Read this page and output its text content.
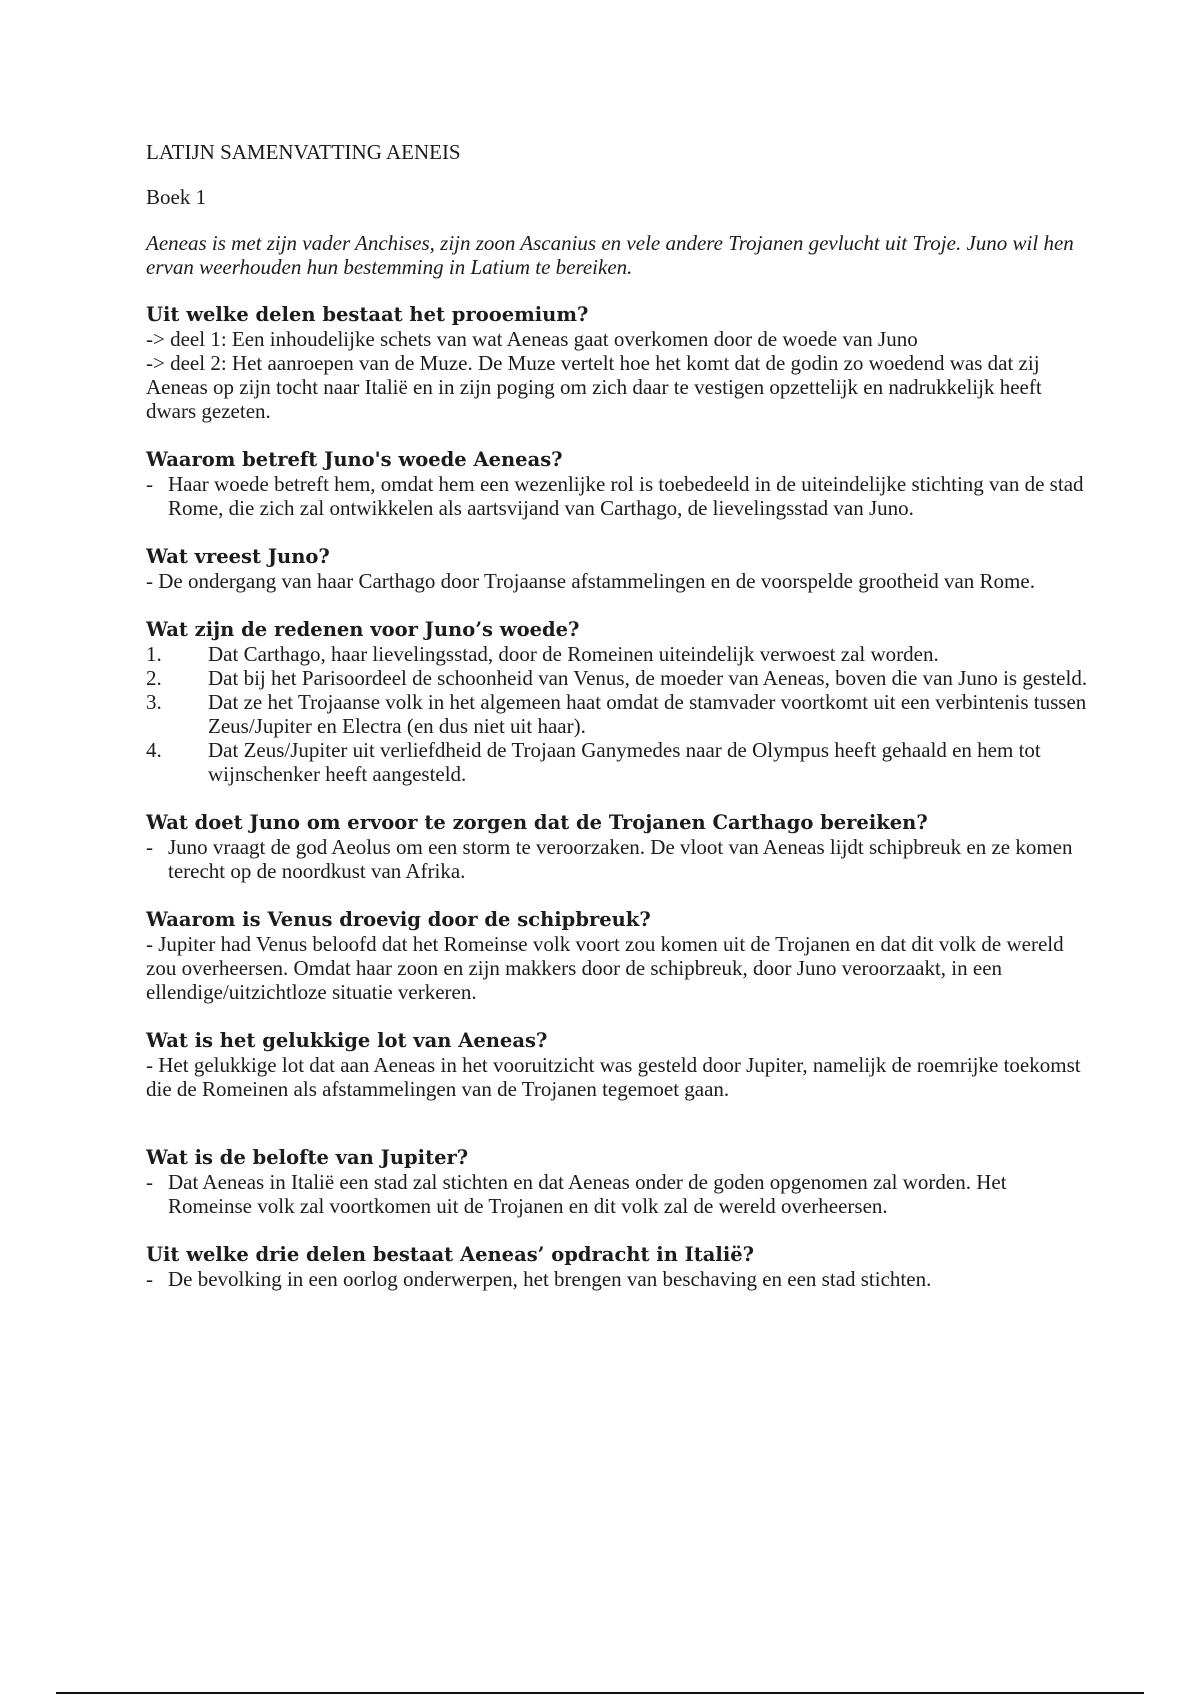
LATIJN SAMENVATTING AENEIS

Boek 1

Aeneas is met zijn vader Anchises, zijn zoon Ascanius en vele andere Trojanen gevlucht uit Troje. Juno wil hen ervan weerhouden hun bestemming in Latium te bereiken.

Uit welke delen bestaat het prooemium?

-> deel 1: Een inhoudelijke schets van wat Aeneas gaat overkomen door de woede van Juno

-> deel 2: Het aanroepen van de Muze. De Muze vertelt hoe het komt dat de godin zo woedend was dat zij Aeneas op zijn tocht naar Italië en in zijn poging om zich daar te vestigen opzettelijk en nadrukkelijk heeft dwars gezeten.

Waarom betreft Juno's woede Aeneas?

- Haar woede betreft hem, omdat hem een wezenlijke rol is toebedeeld in de uiteindelijke stichting van de stad Rome, die zich zal ontwikkelen als aartsvijand van Carthago, de lievelingsstad van Juno.

Wat vreest Juno?

- De ondergang van haar Carthago door Trojaanse afstammelingen en de voorspelde grootheid van Rome.

Wat zijn de redenen voor Juno’s woede?

1. Dat Carthago, haar lievelingsstad, door de Romeinen uiteindelijk verwoest zal worden.
2. Dat bij het Parisoordeel de schoonheid van Venus, de moeder van Aeneas, boven die van Juno is gesteld.
3. Dat ze het Trojaanse volk in het algemeen haat omdat de stamvader voortkomt uit een verbintenis tussen Zeus/Jupiter en Electra (en dus niet uit haar).
4. Dat Zeus/Jupiter uit verliefdheid de Trojaan Ganymedes naar de Olympus heeft gehaald en hem tot wijnschenker heeft aangesteld.

Wat doet Juno om ervoor te zorgen dat de Trojanen Carthago bereiken?

- Juno vraagt de god Aeolus om een storm te veroorzaken. De vloot van Aeneas lijdt schipbreuk en ze komen terecht op de noordkust van Afrika.

Waarom is Venus droevig door de schipbreuk?

- Jupiter had Venus beloofd dat het Romeinse volk voort zou komen uit de Trojanen en dat dit volk de wereld zou overheersen. Omdat haar zoon en zijn makkers door de schipbreuk, door Juno veroorzaakt, in een ellendige/uitzichtloze situatie verkeren.

Wat is het gelukkige lot van Aeneas?

- Het gelukkige lot dat aan Aeneas in het vooruitzicht was gesteld door Jupiter, namelijk de roemrijke toekomst die de Romeinen als afstammelingen van de Trojanen tegemoet gaan.

Wat is de belofte van Jupiter?

- Dat Aeneas in Italië een stad zal stichten en dat Aeneas onder de goden opgenomen zal worden. Het Romeinse volk zal voortkomen uit de Trojanen en dit volk zal de wereld overheersen.

Uit welke drie delen bestaat Aeneas’ opdracht in Italië?

- De bevolking in een oorlog onderwerpen, het brengen van beschaving en een stad stichten.
